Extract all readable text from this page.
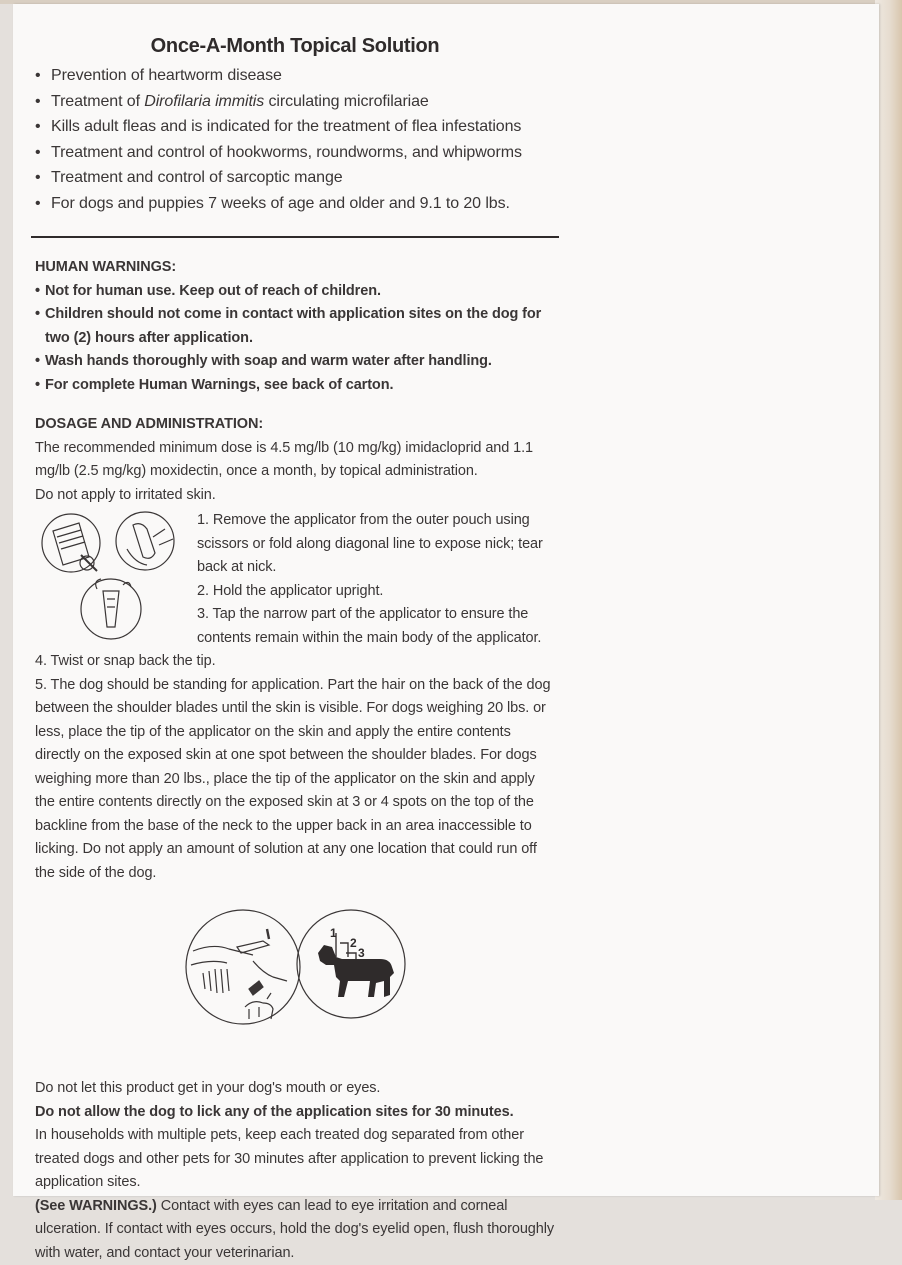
Once-A-Month Topical Solution
• Prevention of heartworm disease
• Treatment of Dirofilaria immitis circulating microfilariae
• Kills adult fleas and is indicated for the treatment of flea infestations
• Treatment and control of hookworms, roundworms, and whipworms
• Treatment and control of sarcoptic mange
• For dogs and puppies 7 weeks of age and older and 9.1 to 20 lbs.
HUMAN WARNINGS:
• Not for human use. Keep out of reach of children.
• Children should not come in contact with application sites on the dog for two (2) hours after application.
• Wash hands thoroughly with soap and warm water after handling.
• For complete Human Warnings, see back of carton.
DOSAGE AND ADMINISTRATION:

The recommended minimum dose is 4.5 mg/lb (10 mg/kg) imidacloprid and 1.1 mg/lb (2.5 mg/kg) moxidectin, once a month, by topical administration.

Do not apply to irritated skin.

1. Remove the applicator from the outer pouch using scissors or fold along diagonal line to expose nick; tear back at nick.

2. Hold the applicator upright.

3. Tap the narrow part of the applicator to ensure the contents remain within the main body of the applicator.

4. Twist or snap back the tip.

5. The dog should be standing for application. Part the hair on the back of the dog between the shoulder blades until the skin is visible. For dogs weighing 20 lbs. or less, place the tip of the applicator on the skin and apply the entire contents directly on the exposed skin at one spot between the shoulder blades. For dogs weighing more than 20 lbs., place the tip of the applicator on the skin and apply the entire contents directly on the exposed skin at 3 or 4 spots on the top of the backline from the base of the neck to the upper back in an area inaccessible to licking. Do not apply an amount of solution at any one location that could run off the side of the dog.

1
2
3

Do not let this product get in your dog's mouth or eyes.

Do not allow the dog to lick any of the application sites for 30 minutes.

In households with multiple pets, keep each treated dog separated from other treated dogs and other pets for 30 minutes after application to prevent licking the application sites.

(See WARNINGS.) Contact with eyes can lead to eye irritation and corneal ulceration. If contact with eyes occurs, hold the dog's eyelid open, flush thoroughly with water, and contact your veterinarian.
